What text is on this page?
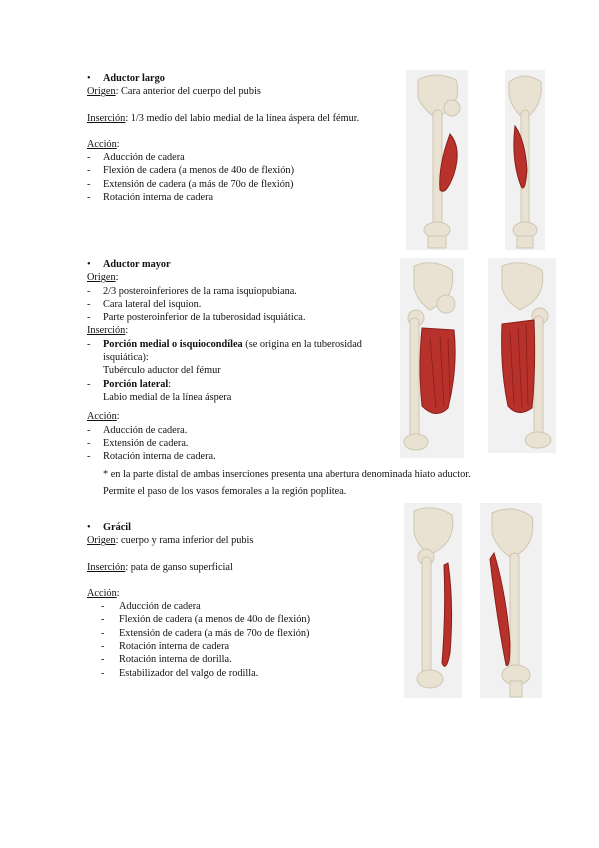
• Aductor largo

Origen: Cara anterior del cuerpo del pubis

Inserción: 1/3 medio del labio medial de la línea áspera del fémur.

Acción:

- Aducción de cadera
- Flexión de cadera (a menos de 40o de flexión)
- Extensión de cadera (a más de 70o de flexión)
- Rotación interna de cadera

• Aductor mayor

Origen:

- 2/3 posteroinferiores de la rama isquiopubiana.
- Cara lateral del isquion.
- Parte posteroinferior de la tuberosidad isquiática.

Inserción:

- Porción medial o isquiocondílea (se origina en la tuberosidad

isquiática):

Tubérculo aductor del fémur

- Porción lateral:

Labio medial de la línea áspera

Acción:

- Aducción de cadera.
- Extensión de cadera.
- Rotación interna de cadera.

* en la parte distal de ambas inserciones presenta una abertura denominada hiato aductor.

Permite el paso de los vasos femorales a la región poplítea.

• Grácil

Origen: cuerpo y rama inferior del pubis

Inserción: pata de ganso superficial

Acción:

- Aducción de cadera
- Flexión de cadera (a menos de 40o de flexión)
- Extensión de cadera (a más de 70o de flexión)
- Rotación interna de cadera
- Rotación interna de dorilla.
- Estabilizador del valgo de rodilla.
